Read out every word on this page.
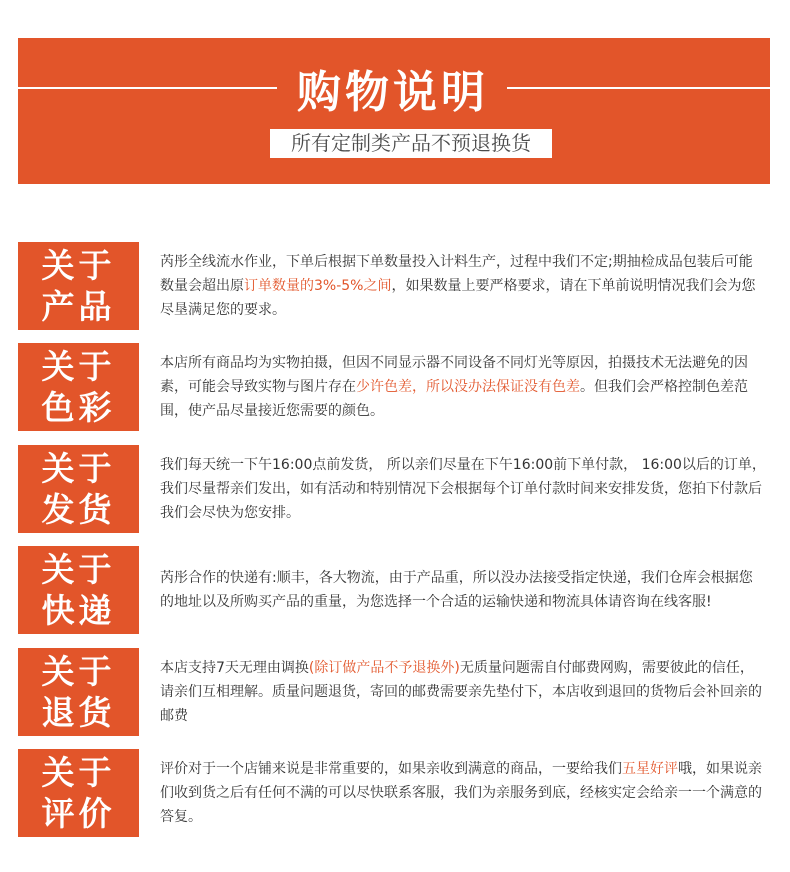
购物说明
所有定制类产品不预退换货
关于
产品

芮彤全线流水作业，下单后根据下单数量投入计料生产，过程中我们不定;期抽检成品包装后可能数量会超出原订单数量的3%-5%之间，如果数量上要严格要求，请在下单前说明情况我们会为您尽垦满足您的要求。

关于
色彩

本店所有商品均为实物拍摄，但因不同显示器不同设备不同灯光等原因，拍摄技术无法避免的因素，可能会导致实物与图片存在少许色差，所以没办法保证没有色差。但我们会严格控制色差范围，使产品尽量接近您需要的颜色。

关于
发货

我们每天统一下午16:00点前发货， 所以亲们尽量在下午16:00前下单付款， 16:00以后的订单，我们尽量帮亲们发出，如有活动和特别情况下会根据每个订单付款时间来安排发货，您拍下付款后我们会尽快为您安排。

关于
快递

芮彤合作的快递有:顺丰，各大物流，由于产品重，所以没办法接受指定快递，我们仓库会根据您的地址以及所购买产品的重量，为您选择一个合适的运输快递和物流具体请咨询在线客服!

关于
退货

本店支持7天无理由调换(除订做产品不予退换外)无质量问题需自付邮费网购，需要彼此的信任，请亲们互相理解。质量问题退货，寄回的邮费需要亲先垫付下，本店收到退回的货物后会补回亲的邮费

关于
评价

评价对于一个店铺来说是非常重要的，如果亲收到满意的商品，一要给我们五星好评哦，如果说亲们收到货之后有任何不满的可以尽快联系客服，我们为亲服务到底，经核实定会给亲一一个满意的答复。
